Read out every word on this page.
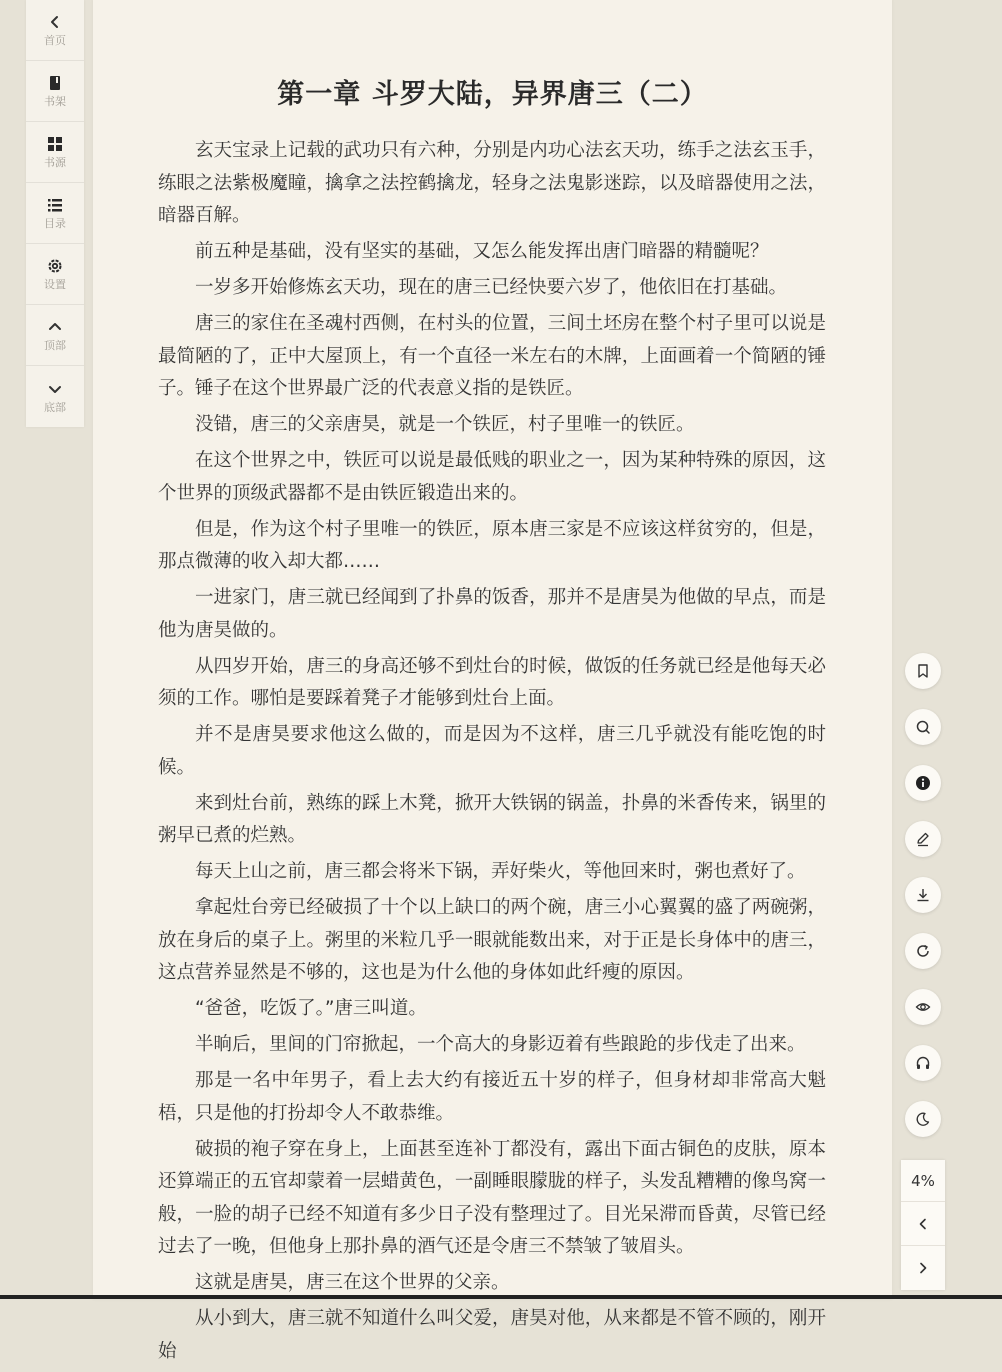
首页
书架
书源
目录
设置
顶部
底部
第一章 斗罗大陆，异界唐三（二）

玄天宝录上记载的武功只有六种，分别是内功心法玄天功，练手之法玄玉手，练眼之法紫极魔瞳，擒拿之法控鹤擒龙，轻身之法鬼影迷踪，以及暗器使用之法，暗器百解。

前五种是基础，没有坚实的基础，又怎么能发挥出唐门暗器的精髓呢？

一岁多开始修炼玄天功，现在的唐三已经快要六岁了，他依旧在打基础。

唐三的家住在圣魂村西侧，在村头的位置，三间土坯房在整个村子里可以说是最简陋的了，正中大屋顶上，有一个直径一米左右的木牌，上面画着一个简陋的锤子。锤子在这个世界最广泛的代表意义指的是铁匠。

没错，唐三的父亲唐昊，就是一个铁匠，村子里唯一的铁匠。

在这个世界之中，铁匠可以说是最低贱的职业之一，因为某种特殊的原因，这个世界的顶级武器都不是由铁匠锻造出来的。

但是，作为这个村子里唯一的铁匠，原本唐三家是不应该这样贫穷的，但是，那点微薄的收入却大都……

一进家门，唐三就已经闻到了扑鼻的饭香，那并不是唐昊为他做的早点，而是他为唐昊做的。

从四岁开始，唐三的身高还够不到灶台的时候，做饭的任务就已经是他每天必须的工作。哪怕是要踩着凳子才能够到灶台上面。

并不是唐昊要求他这么做的，而是因为不这样，唐三几乎就没有能吃饱的时候。

来到灶台前，熟练的踩上木凳，掀开大铁锅的锅盖，扑鼻的米香传来，锅里的粥早已煮的烂熟。

每天上山之前，唐三都会将米下锅，弄好柴火，等他回来时，粥也煮好了。

拿起灶台旁已经破损了十个以上缺口的两个碗，唐三小心翼翼的盛了两碗粥，放在身后的桌子上。粥里的米粒几乎一眼就能数出来，对于正是长身体中的唐三，这点营养显然是不够的，这也是为什么他的身体如此纤瘦的原因。

“爸爸，吃饭了。”唐三叫道。

半晌后，里间的门帘掀起，一个高大的身影迈着有些踉跄的步伐走了出来。

那是一名中年男子，看上去大约有接近五十岁的样子，但身材却非常高大魁梧，只是他的打扮却令人不敢恭维。

破损的袍子穿在身上，上面甚至连补丁都没有，露出下面古铜色的皮肤，原本还算端正的五官却蒙着一层蜡黄色，一副睡眼朦胧的样子，头发乱糟糟的像鸟窝一般，一脸的胡子已经不知道有多少日子没有整理过了。目光呆滞而昏黄，尽管已经过去了一晚，但他身上那扑鼻的酒气还是令唐三不禁皱了皱眉头。

这就是唐昊，唐三在这个世界的父亲。

从小到大，唐三就不知道什么叫父爱，唐昊对他，从来都是不管不顾的，刚开始

4%
